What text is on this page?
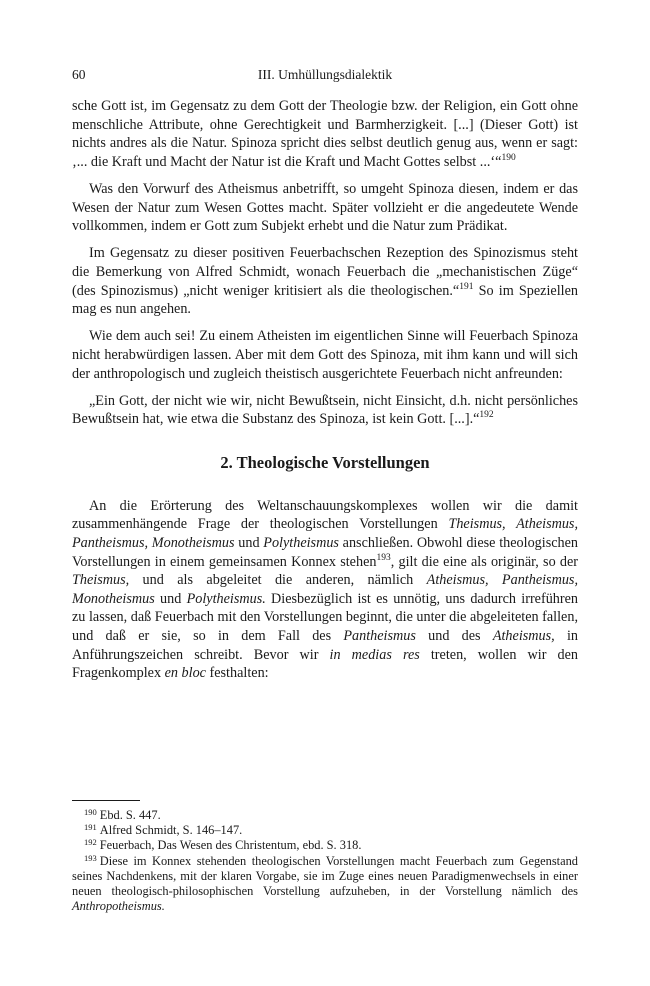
60	III. Umhüllungsdialektik

sche Gott ist, im Gegensatz zu dem Gott der Theologie bzw. der Religion, ein Gott ohne menschliche Attribute, ohne Gerechtigkeit und Barmherzigkeit. [...] (Dieser Gott) ist nichts andres als die Natur. Spinoza spricht dies selbst deutlich genug aus, wenn er sagt: ‚... die Kraft und Macht der Natur ist die Kraft und Macht Gottes selbst ...‘“$^{190}$

Was den Vorwurf des Atheismus anbetrifft, so umgeht Spinoza diesen, indem er das Wesen der Natur zum Wesen Gottes macht. Später vollzieht er die angedeutete Wende vollkommen, indem er Gott zum Subjekt erhebt und die Natur zum Prädikat.

Im Gegensatz zu dieser positiven Feuerbachschen Rezeption des Spinozismus steht die Bemerkung von Alfred Schmidt, wonach Feuerbach die „mechanistischen Züge“ (des Spinozismus) „nicht weniger kritisiert als die theologischen.“$^{191}$ So im Speziellen mag es nun angehen.

Wie dem auch sei! Zu einem Atheisten im eigentlichen Sinne will Feuerbach Spinoza nicht herabwürdigen lassen. Aber mit dem Gott des Spinoza, mit ihm kann und will sich der anthropologisch und zugleich theistisch ausgerichtete Feuerbach nicht anfreunden:

„Ein Gott, der nicht wie wir, nicht Bewußtsein, nicht Einsicht, d.h. nicht persönliches Bewußtsein hat, wie etwa die Substanz des Spinoza, ist kein Gott. [...].“$^{192}$

2. Theologische Vorstellungen

An die Erörterung des Weltanschauungskomplexes wollen wir die damit zusammenhängende Frage der theologischen Vorstellungen Theismus, Atheismus, Pantheismus, Monotheismus und Polytheismus anschließen. Obwohl diese theologischen Vorstellungen in einem gemeinsamen Konnex stehen$^{193}$, gilt die eine als originär, so der Theismus, und als abgeleitet die anderen, nämlich Atheismus, Pantheismus, Monotheismus und Polytheismus. Diesbezüglich ist es unnötig, uns dadurch irreführen zu lassen, daß Feuerbach mit den Vorstellungen beginnt, die unter die abgeleiteten fallen, und daß er sie, so in dem Fall des Pantheismus und des Atheismus, in Anführungszeichen schreibt. Bevor wir in medias res treten, wollen wir den Fragenkomplex en bloc festhalten:

$^{190}$ Ebd. S. 447.

$^{191}$ Alfred Schmidt, S. 146–147.

$^{192}$ Feuerbach, Das Wesen des Christentum, ebd. S. 318.

$^{193}$ Diese im Konnex stehenden theologischen Vorstellungen macht Feuerbach zum Gegenstand seines Nachdenkens, mit der klaren Vorgabe, sie im Zuge eines neuen Paradigmenwechsels in einer neuen theologisch-philosophischen Vorstellung aufzuheben, in der Vorstellung nämlich des Anthropotheismus.
